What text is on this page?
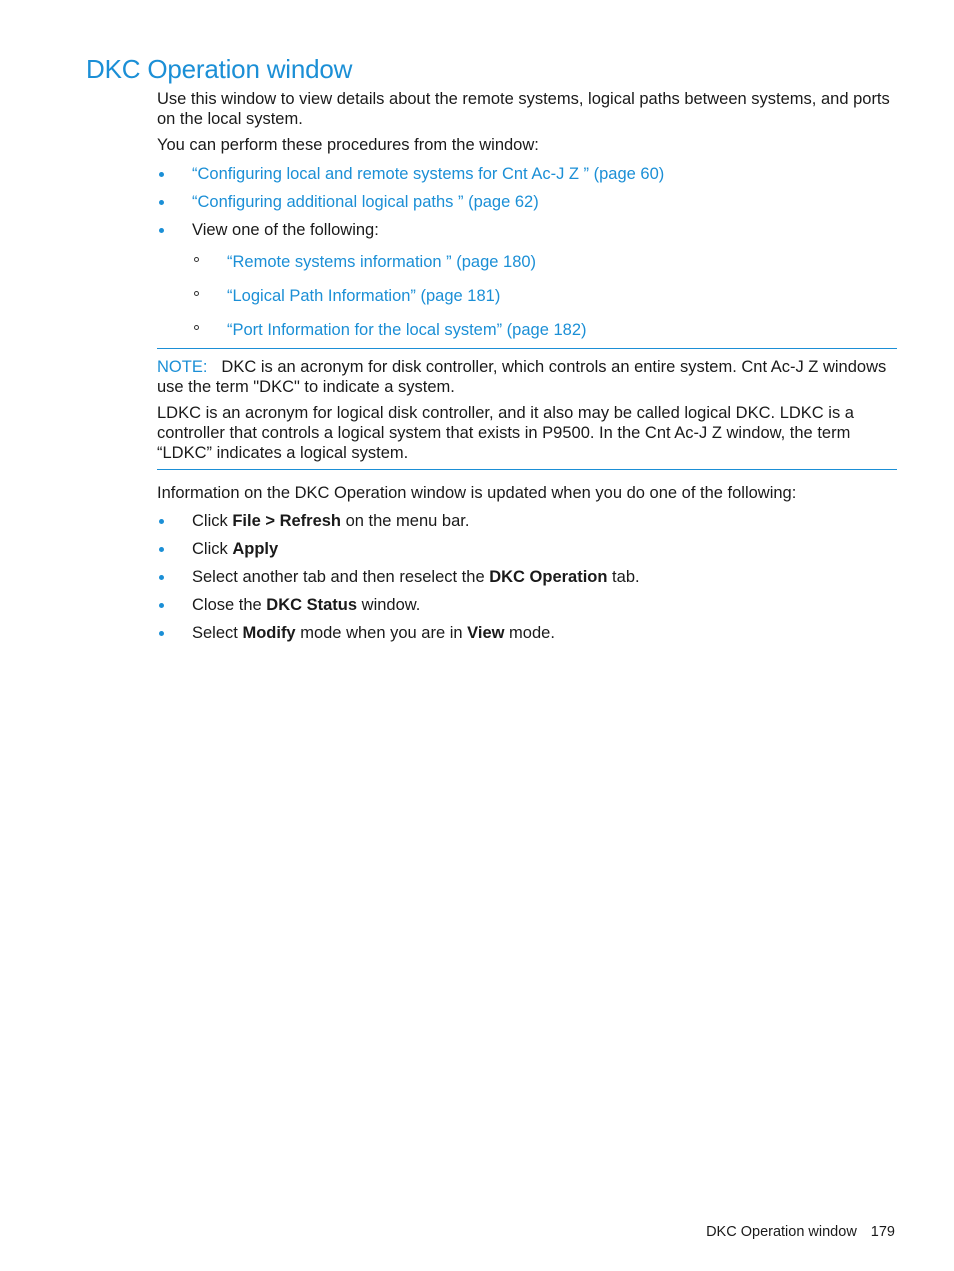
DKC Operation window

Use this window to view details about the remote systems, logical paths between systems, and ports on the local system.

You can perform these procedures from the window:

“Configuring local and remote systems for Cnt Ac-J Z ” (page 60)
“Configuring additional logical paths ” (page 62)
View one of the following:
“Remote systems information ” (page 180)
“Logical Path Information” (page 181)
“Port Information for the local system” (page 182)

NOTE: DKC is an acronym for disk controller, which controls an entire system. Cnt Ac-J Z windows use the term "DKC" to indicate a system.

LDKC is an acronym for logical disk controller, and it also may be called logical DKC. LDKC is a controller that controls a logical system that exists in P9500. In the Cnt Ac-J Z window, the term “LDKC” indicates a logical system.

Information on the DKC Operation window is updated when you do one of the following:

Click File > Refresh on the menu bar.
Click Apply
Select another tab and then reselect the DKC Operation tab.
Close the DKC Status window.
Select Modify mode when you are in View mode.
DKC Operation window 179
